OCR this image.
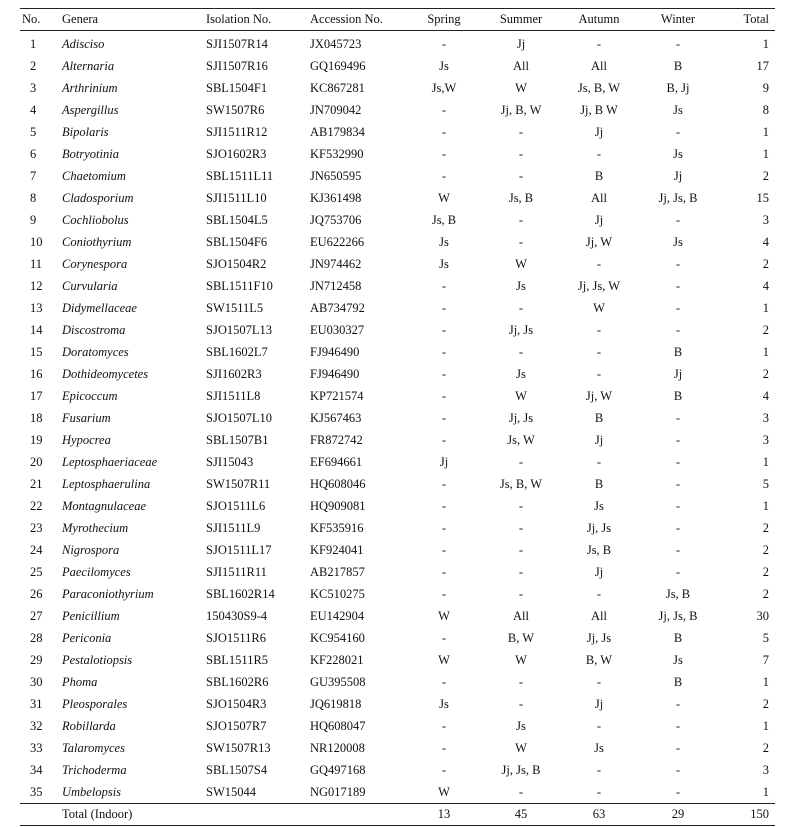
No.	Genera	Isolation No.	Accession No.	Spring	Summer	Autumn	Winter	Total
1	Adisciso	SJI1507R14	JX045723	-	Jj	-	-	1
2	Alternaria	SJI1507R16	GQ169496	Js	All	All	B	17
3	Arthrinium	SBL1504F1	KC867281	Js,W	W	Js, B, W	B, Jj	9
4	Aspergillus	SW1507R6	JN709042	-	Jj, B, W	Jj, B W	Js	8
5	Bipolaris	SJI1511R12	AB179834	-	-	Jj	-	1
6	Botryotinia	SJO1602R3	KF532990	-	-	-	Js	1
7	Chaetomium	SBL1511L11	JN650595	-	-	B	Jj	2
8	Cladosporium	SJI1511L10	KJ361498	W	Js, B	All	Jj, Js, B	15
9	Cochliobolus	SBL1504L5	JQ753706	Js, B	-	Jj	-	3
10	Coniothyrium	SBL1504F6	EU622266	Js	-	Jj, W	Js	4
11	Corynespora	SJO1504R2	JN974462	Js	W	-	-	2
12	Curvularia	SBL1511F10	JN712458	-	Js	Jj, Js, W	-	4
13	Didymellaceae	SW1511L5	AB734792	-	-	W	-	1
14	Discostroma	SJO1507L13	EU030327	-	Jj, Js	-	-	2
15	Doratomyces	SBL1602L7	FJ946490	-	-	-	B	1
16	Dothideomycetes	SJI1602R3	FJ946490	-	Js	-	Jj	2
17	Epicoccum	SJI1511L8	KP721574	-	W	Jj, W	B	4
18	Fusarium	SJO1507L10	KJ567463	-	Jj, Js	B	-	3
19	Hypocrea	SBL1507B1	FR872742	-	Js, W	Jj	-	3
20	Leptosphaeriaceae	SJI15043	EF694661	Jj	-	-	-	1
21	Leptosphaerulina	SW1507R11	HQ608046	-	Js, B, W	B	-	5
22	Montagnulaceae	SJO1511L6	HQ909081	-	-	Js	-	1
23	Myrothecium	SJI1511L9	KF535916	-	-	Jj, Js	-	2
24	Nigrospora	SJO1511L17	KF924041	-	-	Js, B	-	2
25	Paecilomyces	SJI1511R11	AB217857	-	-	Jj	-	2
26	Paraconiothyrium	SBL1602R14	KC510275	-	-	-	Js, B	2
27	Penicillium	150430S9-4	EU142904	W	All	All	Jj, Js, B	30
28	Periconia	SJO1511R6	KC954160	-	B, W	Jj, Js	B	5
29	Pestalotiopsis	SBL1511R5	KF228021	W	W	B, W	Js	7
30	Phoma	SBL1602R6	GU395508	-	-	-	B	1
31	Pleosporales	SJO1504R3	JQ619818	Js	-	Jj	-	2
32	Robillarda	SJO1507R7	HQ608047	-	Js	-	-	1
33	Talaromyces	SW1507R13	NR120008	-	W	Js	-	2
34	Trichoderma	SBL1507S4	GQ497168	-	Jj, Js, B	-	-	3
35	Umbelopsis	SW15044	NG017189	W	-	-	-	1
Total (Indoor)				13	45	63	29	150
